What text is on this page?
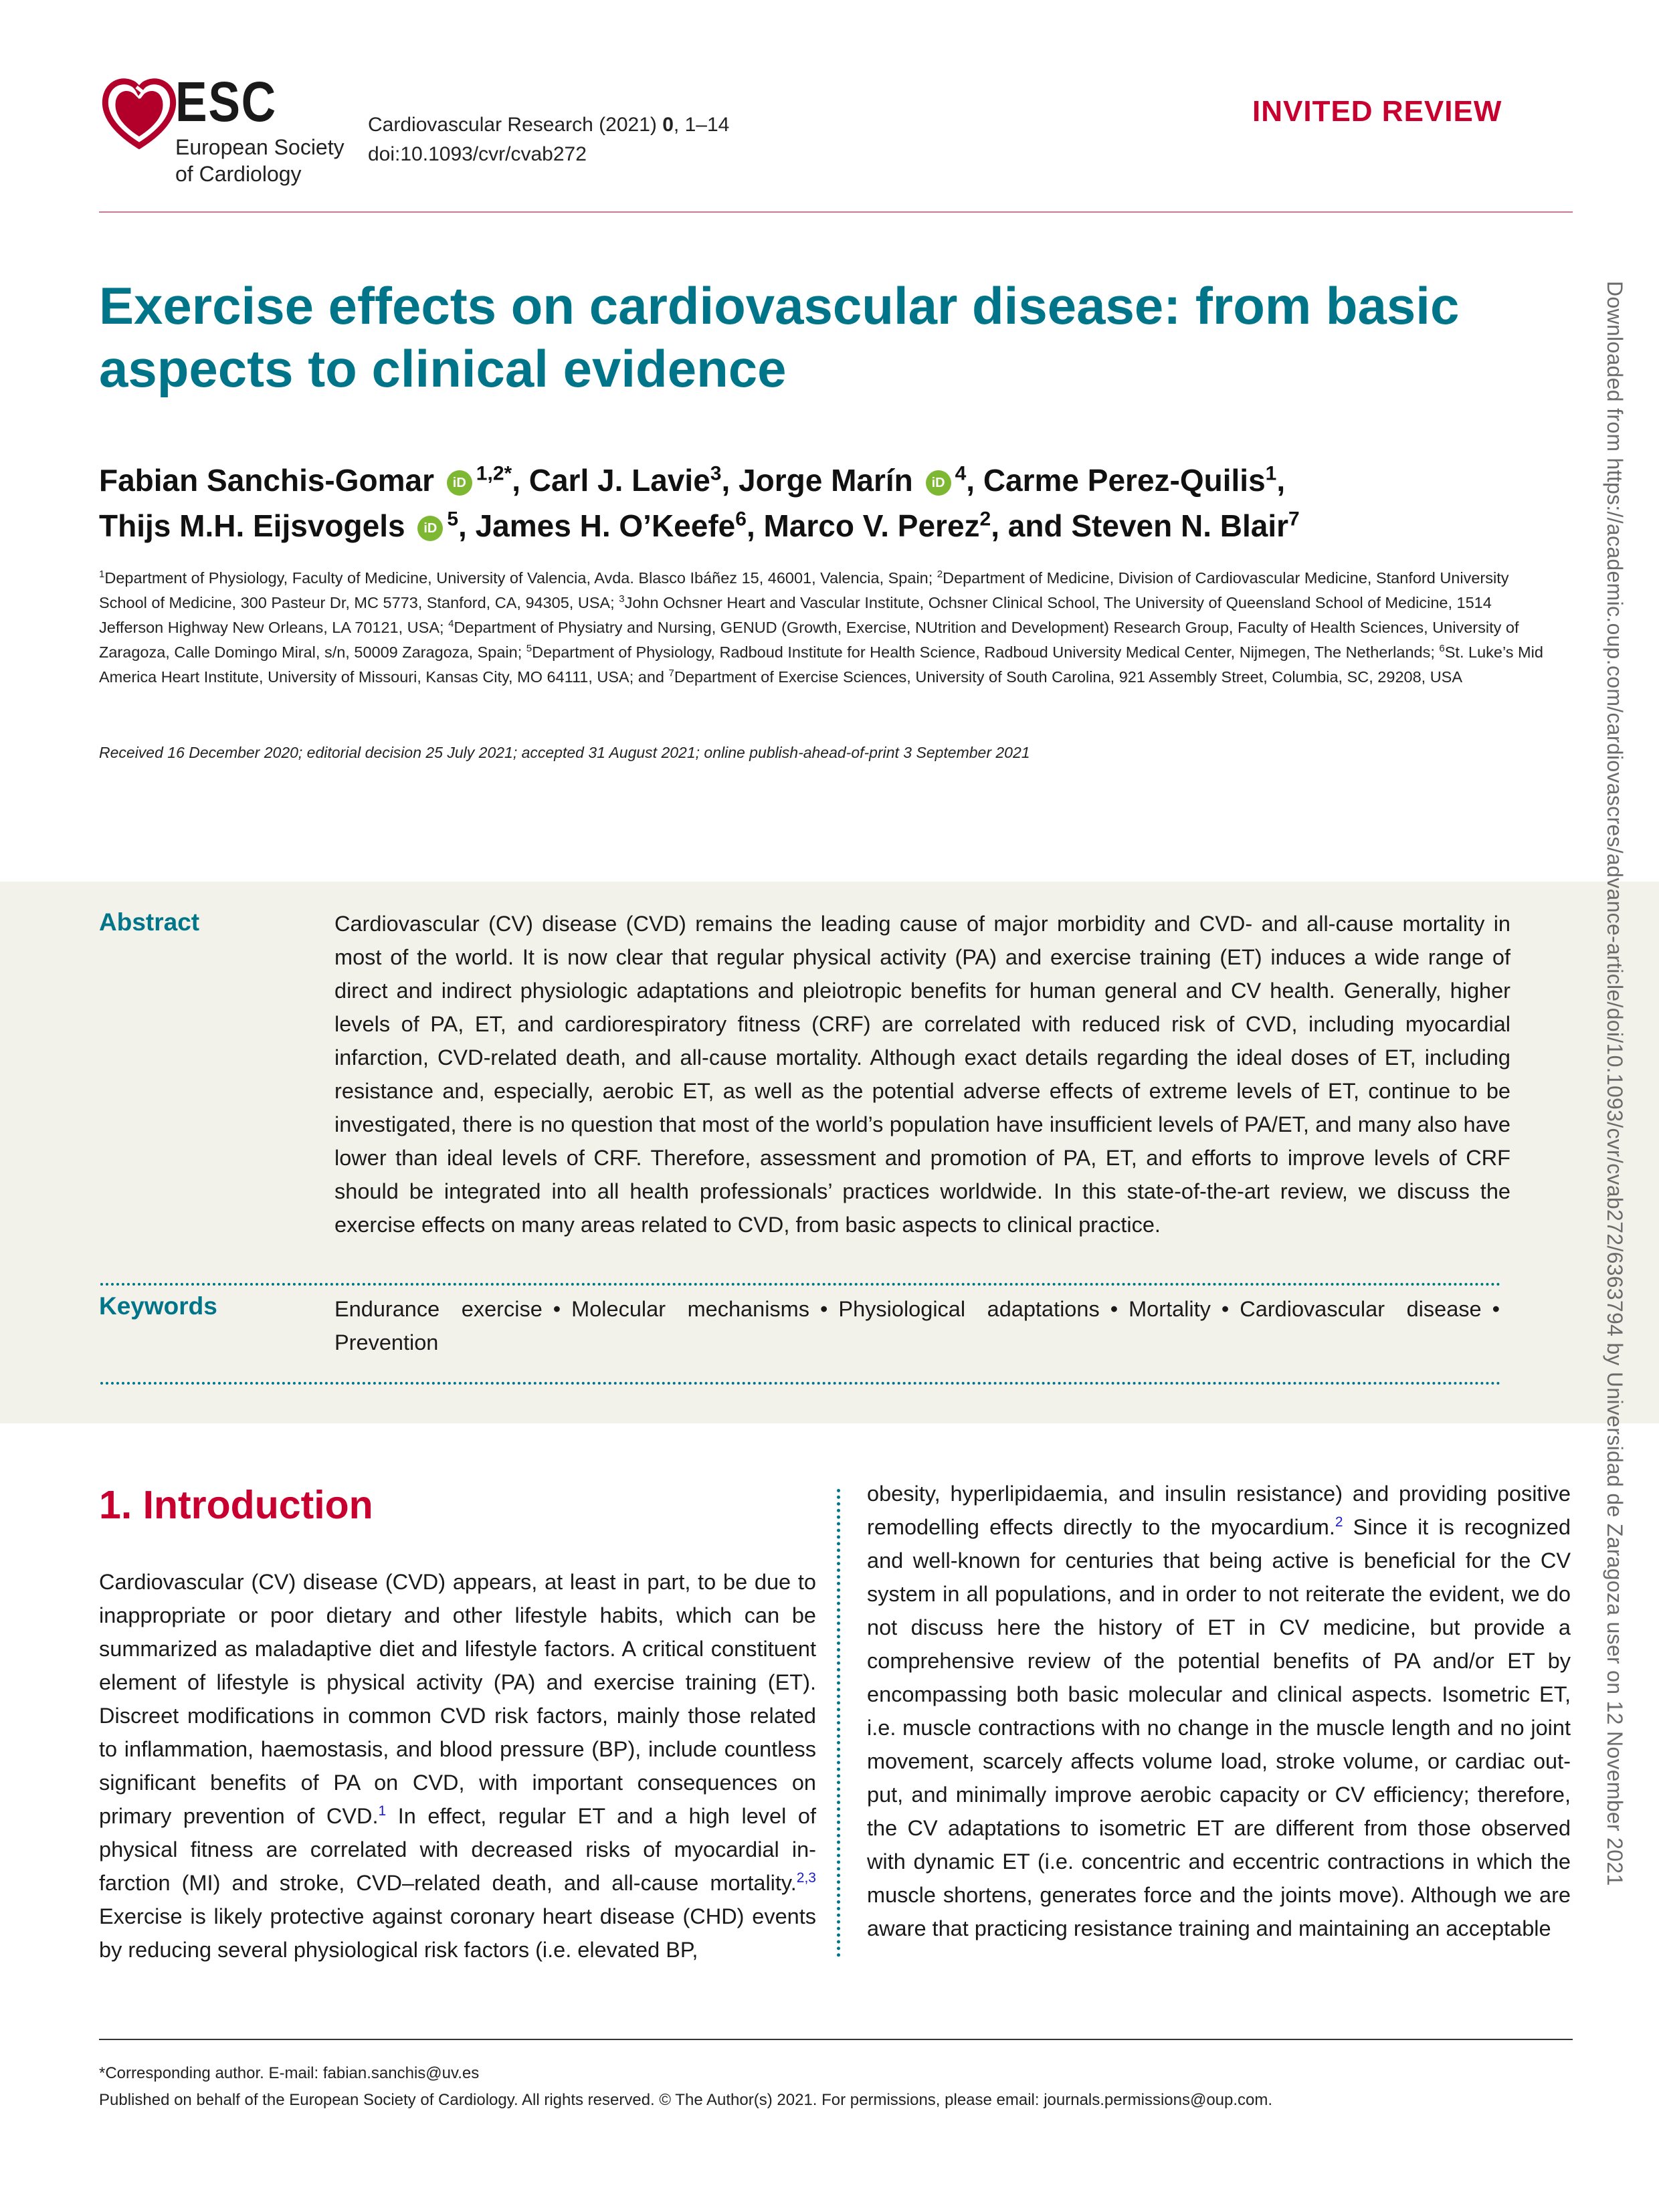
ESC
European Society
of Cardiology
Cardiovascular Research (2021) 0, 1–14
doi:10.1093/cvr/cvab272
INVITED REVIEW
Exercise effects on cardiovascular disease: from basic aspects to clinical evidence
Fabian Sanchis-Gomar iD $^{1,2*}$, Carl J. Lavie$^3$, Jorge Marín iD $^4$, Carme Perez-Quilis$^1$,
Thijs M.H. Eijsvogels iD $^5$, James H. O’Keefe$^6$, Marco V. Perez$^2$, and Steven N. Blair$^7$
$^1$Department of Physiology, Faculty of Medicine, University of Valencia, Avda. Blasco Ibáñez 15, 46001, Valencia, Spain; $^2$Department of Medicine, Division of Cardiovascular Medicine, Stanford University School of Medicine, 300 Pasteur Dr, MC 5773, Stanford, CA, 94305, USA; $^3$John Ochsner Heart and Vascular Institute, Ochsner Clinical School, The University of Queensland School of Medicine, 1514 Jefferson Highway New Orleans, LA 70121, USA; $^4$Department of Physiatry and Nursing, GENUD (Growth, Exercise, NUtrition and Development) Research Group, Faculty of Health Sciences, University of Zaragoza, Calle Domingo Miral, s/n, 50009 Zaragoza, Spain; $^5$Department of Physiology, Radboud Institute for Health Science, Radboud University Medical Center, Nijmegen, The Netherlands; $^6$St. Luke’s Mid America Heart Institute, University of Missouri, Kansas City, MO 64111, USA; and $^7$Department of Exercise Sciences, University of South Carolina, 921 Assembly Street, Columbia, SC, 29208, USA
Received 16 December 2020; editorial decision 25 July 2021; accepted 31 August 2021; online publish-ahead-of-print 3 September 2021
Abstract	Cardiovascular (CV) disease (CVD) remains the leading cause of major morbidity and CVD- and all-cause mortality in most of the world. It is now clear that regular physical activity (PA) and exercise training (ET) induces a wide range of direct and indirect physiologic adaptations and pleiotropic benefits for human general and CV health. Generally, higher levels of PA, ET, and cardiorespiratory fitness (CRF) are correlated with reduced risk of CVD, including myocardial infarction, CVD-related death, and all-cause mortality. Although exact details regarding the ideal doses of ET, including resistance and, especially, aerobic ET, as well as the potential adverse effects of extreme levels of ET, continue to be investigated, there is no question that most of the world’s population have insufficient levels of PA/ET, and many also have lower than ideal levels of CRF. Therefore, assessment and promotion of PA, ET, and efforts to improve levels of CRF should be integrated into all health professionals’ practices worldwide. In this state-of-the-art review, we discuss the exercise effects on many areas related to CVD, from basic aspects to clinical practice.
Keywords	Endurance exercise • Molecular mechanisms • Physiological adaptations • Mortality • Cardiovascular disease •Prevention
1. Introduction
Cardiovascular (CV) disease (CVD) appears, at least in part, to be due to inappropriate or poor dietary and other lifestyle habits, which can be summarized as maladaptive diet and lifestyle factors. A critical constituent element of lifestyle is physical activity (PA) and exercise training (ET). Discreet modifications in common CVD risk factors, mainly those related to inflammation, haemostasis, and blood pressure (BP), include countless significant benefits of PA on CVD, with important consequences on primary prevention of CVD.$^1$ In effect, regular ET and a high level of physical fitness are correlated with decreased risks of myocardial infarction (MI) and stroke, CVD–related death, and all-cause mortality.$^{2,3}$ Exercise is likely protective against coronary heart disease (CHD) events by reducing several physiological risk factors (i.e. elevated BP,
obesity, hyperlipidaemia, and insulin resistance) and providing positive remodelling effects directly to the myocardium.$^2$ Since it is recognized and well-known for centuries that being active is beneficial for the CV system in all populations, and in order to not reiterate the evident, we do not discuss here the history of ET in CV medicine, but provide a comprehensive review of the potential benefits of PA and/or ET by encompassing both basic molecular and clinical aspects. Isometric ET, i.e. muscle contractions with no change in the muscle length and no joint movement, scarcely affects volume load, stroke volume, or cardiac output, and minimally improve aerobic capacity or CV efficiency; therefore, the CV adaptations to isometric ET are different from those observed with dynamic ET (i.e. concentric and eccentric contractions in which the muscle shortens, generates force and the joints move). Although we are aware that practicing resistance training and maintaining an acceptable
*Corresponding author. E-mail: fabian.sanchis@uv.es
Published on behalf of the European Society of Cardiology. All rights reserved. © The Author(s) 2021. For permissions, please email: journals.permissions@oup.com.
Downloaded from https://academic.oup.com/cardiovascres/advance-article/doi/10.1093/cvr/cvab272/6363794 by Universidad de Zaragoza user on 12 November 2021
